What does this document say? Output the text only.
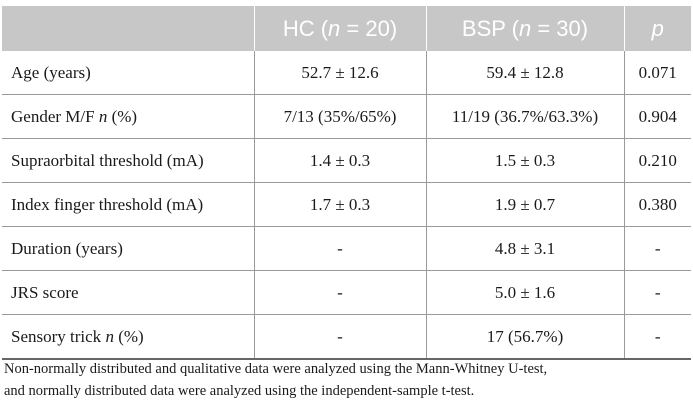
	HC (n = 20)	BSP (n = 30)	p
Age (years)	52.7 ± 12.6	59.4 ± 12.8	0.071
Gender M/F n (%)	7/13 (35%/65%)	11/19 (36.7%/63.3%)	0.904
Supraorbital threshold (mA)	1.4 ± 0.3	1.5 ± 0.3	0.210
Index finger threshold (mA)	1.7 ± 0.3	1.9 ± 0.7	0.380
Duration (years)	-	4.8 ± 3.1	-
JRS score	-	5.0 ± 1.6	-
Sensory trick n (%)	-	17 (56.7%)	-

Non-normally distributed and qualitative data were analyzed using the Mann-Whitney U-test,

and normally distributed data were analyzed using the independent-sample t-test.
